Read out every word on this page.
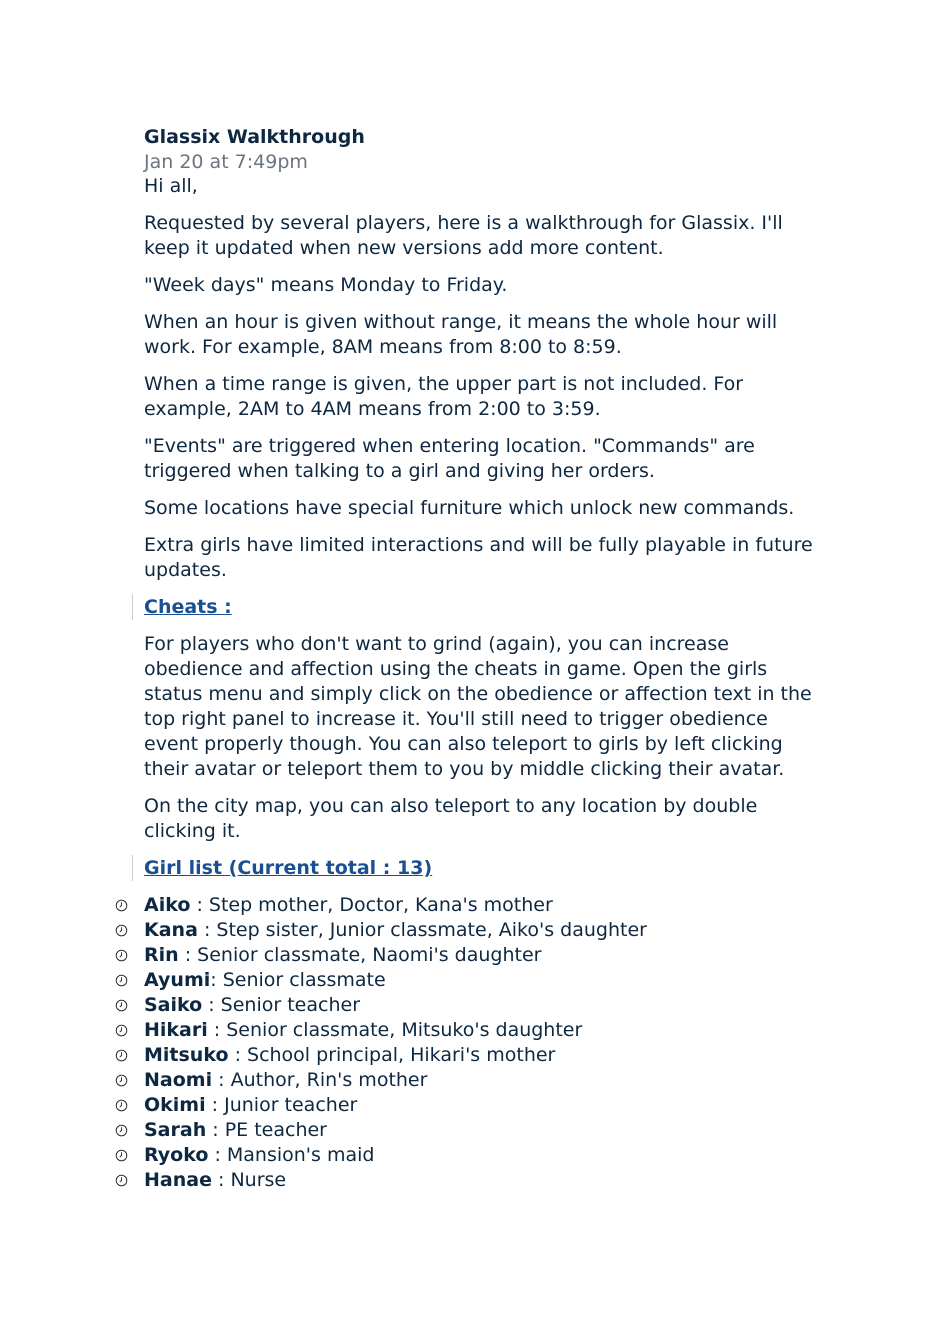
Glassix Walkthrough
Jan 20 at 7:49pm

Hi all,

Requested by several players, here is a walkthrough for Glassix. I'll keep it updated when new versions add more content.

"Week days" means Monday to Friday.

When an hour is given without range, it means the whole hour will work. For example, 8AM means from 8:00 to 8:59.

When a time range is given, the upper part is not included. For example, 2AM to 4AM means from 2:00 to 3:59.

"Events" are triggered when entering location. "Commands" are triggered when talking to a girl and giving her orders.

Some locations have special furniture which unlock new commands.

Extra girls have limited interactions and will be fully playable in future updates.

Cheats :

For players who don't want to grind (again), you can increase obedience and affection using the cheats in game. Open the girls status menu and simply click on the obedience or affection text in the top right panel to increase it. You'll still need to trigger obedience event properly though. You can also teleport to girls by left clicking their avatar or teleport them to you by middle clicking their avatar.

On the city map, you can also teleport to any location by double clicking it.

Girl list (Current total : 13)
Aiko : Step mother, Doctor, Kana's mother
Kana : Step sister, Junior classmate, Aiko's daughter
Rin : Senior classmate, Naomi's daughter
Ayumi: Senior classmate
Saiko : Senior teacher
Hikari : Senior classmate, Mitsuko's daughter
Mitsuko : School principal, Hikari's mother
Naomi : Author, Rin's mother
Okimi : Junior teacher
Sarah : PE teacher
Ryoko : Mansion's maid
Hanae : Nurse
